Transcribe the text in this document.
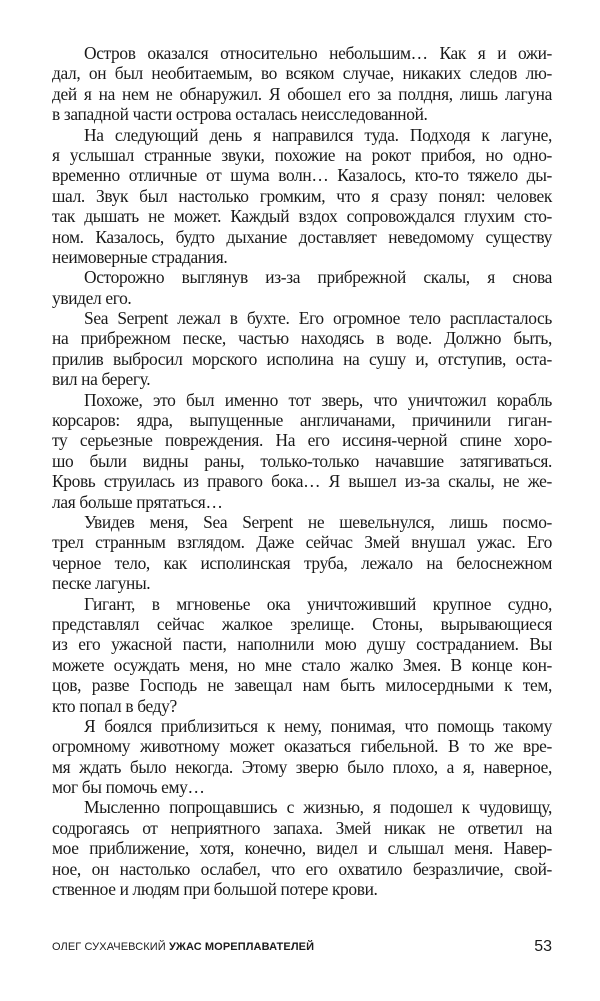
Остров оказался относительно небольшим… Как я и ожи-
дал, он был необитаемым, во всяком случае, никаких следов лю-
дей я на нем не обнаружил. Я обошел его за полдня, лишь лагуна
в западной части острова осталась неисследованной.
На следующий день я направился туда. Подходя к лагуне,
я услышал странные звуки, похожие на рокот прибоя, но одно-
временно отличные от шума волн… Казалось, кто-то тяжело ды-
шал. Звук был настолько громким, что я сразу понял: человек
так дышать не может. Каждый вздох сопровождался глухим сто-
ном. Казалось, будто дыхание доставляет неведомому существу
неимоверные страдания.
Осторожно выглянув из-за прибрежной скалы, я снова
увидел его.
Sea Serpent лежал в бухте. Его огромное тело распласталось
на прибрежном песке, частью находясь в воде. Должно быть,
прилив выбросил морского исполина на сушу и, отступив, оста-
вил на берегу.
Похоже, это был именно тот зверь, что уничтожил корабль
корсаров: ядра, выпущенные англичанами, причинили гиган-
ту серьезные повреждения. На его иссиня-черной спине хоро-
шо были видны раны, только-только начавшие затягиваться.
Кровь струилась из правого бока… Я вышел из-за скалы, не же-
лая больше прятаться…
Увидев меня, Sea Serpent не шевельнулся, лишь посмо-
трел странным взглядом. Даже сейчас Змей внушал ужас. Его
черное тело, как исполинская труба, лежало на белоснежном
песке лагуны.
Гигант, в мгновенье ока уничтоживший крупное судно,
представлял сейчас жалкое зрелище. Стоны, вырывающиеся
из его ужасной пасти, наполнили мою душу состраданием. Вы
можете осуждать меня, но мне стало жалко Змея. В конце кон-
цов, разве Господь не завещал нам быть милосердными к тем,
кто попал в беду?
Я боялся приблизиться к нему, понимая, что помощь такому
огромному животному может оказаться гибельной. В то же вре-
мя ждать было некогда. Этому зверю было плохо, а я, наверное,
мог бы помочь ему…
Мысленно попрощавшись с жизнью, я подошел к чудовищу,
содрогаясь от неприятного запаха. Змей никак не ответил на
мое приближение, хотя, конечно, видел и слышал меня. Навер-
ное, он настолько ослабел, что его охватило безразличие, свой-
ственное и людям при большой потере крови.
ОЛЕГ СУХАЧЕВСКИЙ УЖАС МОРЕПЛАВАТЕЛЕЙ	53
